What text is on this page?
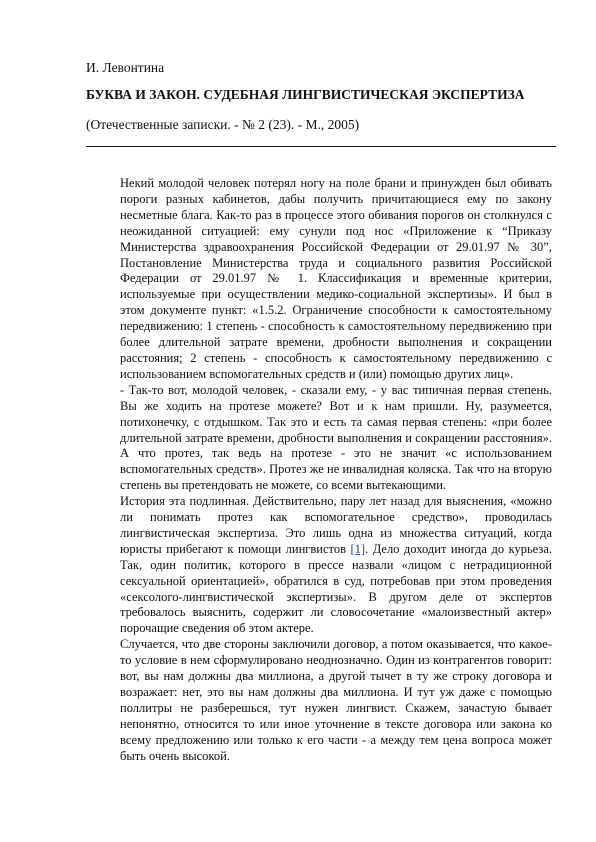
И. Левонтина
БУКВА И ЗАКОН. СУДЕБНАЯ ЛИНГВИСТИЧЕСКАЯ ЭКСПЕРТИЗА
(Отечественные записки. - № 2 (23). - М., 2005)

Некий молодой человек потерял ногу на поле брани и принужден был обивать пороги разных кабинетов, дабы получить причитающиеся ему по закону несметные блага. Как-то раз в процессе этого обивания порогов он столкнулся с неожиданной ситуацией: ему сунули под нос «Приложение к “Приказу Министерства здравоохранения Российской Федерации от 29.01.97 № 30”, Постановление Министерства труда и социального развития Российской Федерации от 29.01.97 № 1. Классификация и временные критерии, используемые при осуществлении медико-социальной экспертизы». И был в этом документе пункт: «1.5.2. Ограничение способности к самостоятельному передвижению: 1 степень - способность к самостоятельному передвижению при более длительной затрате времени, дробности выполнения и сокращении расстояния; 2 степень - способность к самостоятельному передвижению с использованием вспомогательных средств и (или) помощью других лиц».

- Так-то вот, молодой человек, - сказали ему, - у вас типичная первая степень. Вы же ходить на протезе можете? Вот и к нам пришли. Ну, разумеется, потихонечку, с отдышком. Так это и есть та самая первая степень: «при более длительной затрате времени, дробности выполнения и сокращении расстояния». А что протез, так ведь на протезе - это не значит «с использованием вспомогательных средств». Протез же не инвалидная коляска. Так что на вторую степень вы претендовать не можете, со всеми вытекающими.

История эта подлинная. Действительно, пару лет назад для выяснения, «можно ли понимать протез как вспомогательное средство», проводилась лингвистическая экспертиза. Это лишь одна из множества ситуаций, когда юристы прибегают к помощи лингвистов [1]. Дело доходит иногда до курьеза. Так, один политик, которого в прессе назвали «лицом с нетрадиционной сексуальной ориентацией», обратился в суд, потребовав при этом проведения «сексолого-лингвистической экспертизы». В другом деле от экспертов требовалось выяснить, содержит ли словосочетание «малоизвестный актер» порочащие сведения об этом актере.

Случается, что две стороны заключили договор, а потом оказывается, что какое-то условие в нем сформулировано неоднозначно. Один из контрагентов говорит: вот, вы нам должны два миллиона, а другой тычет в ту же строку договора и возражает: нет, это вы нам должны два миллиона. И тут уж даже с помощью поллитры не разберешься, тут нужен лингвист. Скажем, зачастую бывает непонятно, относится то или иное уточнение в тексте договора или закона ко всему предложению или только к его части - а между тем цена вопроса может быть очень высокой.
